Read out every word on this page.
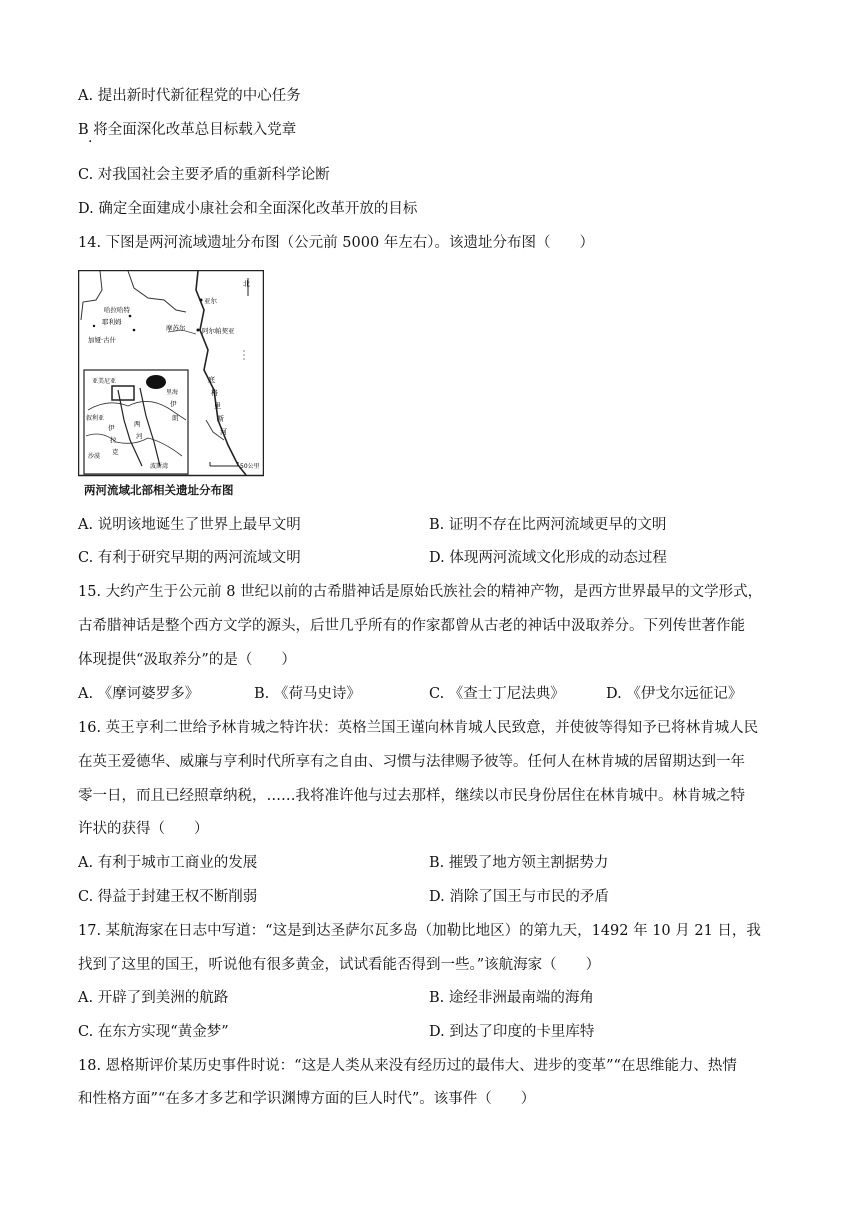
A. 提出新时代新征程党的中心任务
B 将全面深化改革总目标载入党章
·
C. 对我国社会主要矛盾的重新科学论断
D. 确定全面建成小康社会和全面深化改革开放的目标
14. 下图是两河流域遗址分布图（公元前 5000 年左右）。该遗址分布图（　　）
北
亚尔
哈拉哈特
耶利姆
加娅·古什
摩苏尔	阿尔帕契亚
底
格
里
斯
河
亚美尼亚
里海
伊
朗
两
河
伊
拉
克
叙利亚
沙漠
波斯湾	50公里
两河流域北部相关遗址分布图
A. 说明该地诞生了世界上最早文明	B. 证明不存在比两河流域更早的文明
C. 有利于研究早期的两河流域文明	D. 体现两河流域文化形成的动态过程
15. 大约产生于公元前 8 世纪以前的古希腊神话是原始氏族社会的精神产物，是西方世界最早的文学形式，
古希腊神话是整个西方文学的源头，后世几乎所有的作家都曾从古老的神话中汲取养分。下列传世著作能
体现提供“汲取养分”的是（　　）
A. 《摩诃婆罗多》	B. 《荷马史诗》	C. 《查士丁尼法典》	D. 《伊戈尔远征记》
16. 英王亨利二世给予林肯城之特许状：英格兰国王谨向林肯城人民致意，并使彼等得知予已将林肯城人民
在英王爱德华、威廉与亨利时代所享有之自由、习惯与法律赐予彼等。任何人在林肯城的居留期达到一年
零一日，而且已经照章纳税，……我将准许他与过去那样，继续以市民身份居住在林肯城中。林肯城之特
许状的获得（　　）
A. 有利于城市工商业的发展	B. 摧毁了地方领主割据势力
C. 得益于封建王权不断削弱	D. 消除了国王与市民的矛盾
17. 某航海家在日志中写道：“这是到达圣萨尔瓦多岛（加勒比地区）的第九天，1492 年 10 月 21 日，我
找到了这里的国王，听说他有很多黄金，试试看能否得到一些。”该航海家（　　）
A. 开辟了到美洲的航路	B. 途经非洲最南端的海角
C. 在东方实现“黄金梦”	D. 到达了印度的卡里库特
18. 恩格斯评价某历史事件时说：“这是人类从来没有经历过的最伟大、进步的变革”“在思维能力、热情
和性格方面”“在多才多艺和学识渊博方面的巨人时代”。该事件（　　）
